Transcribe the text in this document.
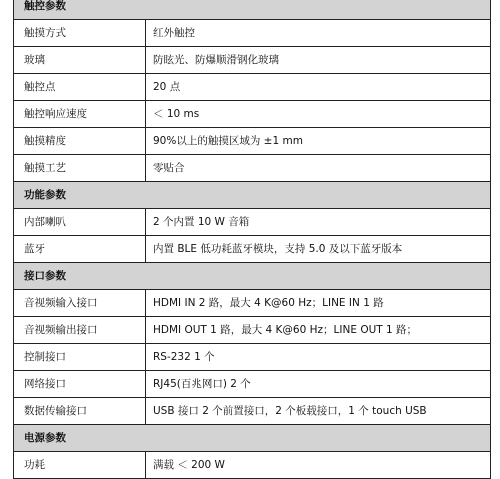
触控参数	
触摸方式	红外触控
玻璃	防眩光、防爆顺滑钢化玻璃
触控点	20 点
触控响应速度	＜ 10 ms
触摸精度	90%以上的触摸区域为 ±1 mm
触摸工艺	零贴合
功能参数	
内部喇叭	2 个内置 10 W 音箱
蓝牙	内置 BLE 低功耗蓝牙模块，支持 5.0 及以下蓝牙版本
接口参数	
音视频输入接口	HDMI IN 2 路，最大 4 K@60 Hz；LINE IN 1 路
音视频输出接口	HDMI OUT 1 路，最大 4 K@60 Hz；LINE OUT 1 路；
控制接口	RS-232 1 个
网络接口	RJ45(百兆网口) 2 个
数据传输接口	USB 接口 2 个前置接口，2 个板载接口，1 个 touch USB
电源参数	
功耗	满载 ＜ 200 W
